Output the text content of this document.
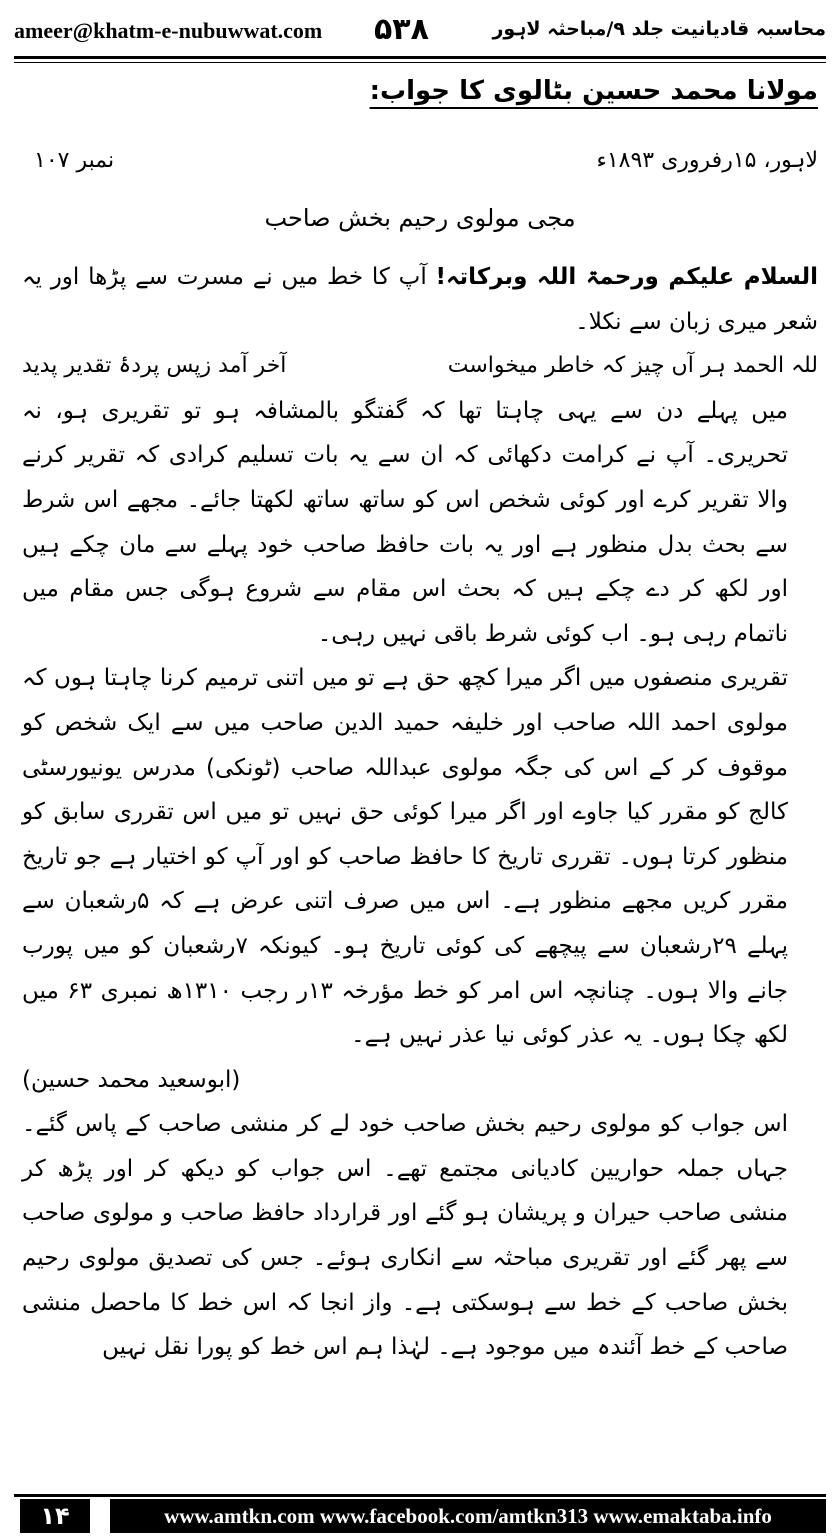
ameer@khatm-e-nubuwwat.com ۵۳۸	محاسبہ قادیانیت جلد ۹/مباحثہ لاہور
مولانا محمد حسین بٹالوی کا جواب:
لاہور، ۱۵رفروری ۱۸۹۳ء
نمبر ۱۰۷
مجی مولوی رحیم بخش صاحب

السلام علیکم ورحمۃ اللہ وبرکاتہ! آپ کا خط میں نے مسرت سے پڑھا اور یہ شعر میری زبان سے نکلا۔

للہ الحمد ہر آں چیز کہ خاطر میخواست
آخر آمد زپس پردۂ تقدیر پدید

میں پہلے دن سے یہی چاہتا تھا کہ گفتگو بالمشافہ ہو تو تقریری ہو، نہ تحریری۔ آپ نے کرامت دکھائی کہ ان سے یہ بات تسلیم کرادی کہ تقریر کرنے والا تقریر کرے اور کوئی شخص اس کو ساتھ ساتھ لکھتا جائے۔ مجھے اس شرط سے بحث بدل منظور ہے اور یہ بات حافظ صاحب خود پہلے سے مان چکے ہیں اور لکھ کر دے چکے ہیں کہ بحث اس مقام سے شروع ہوگی جس مقام میں ناتمام رہی ہو۔ اب کوئی شرط باقی نہیں رہی۔

تقریری منصفوں میں اگر میرا کچھ حق ہے تو میں اتنی ترمیم کرنا چاہتا ہوں کہ مولوی احمد اللہ صاحب اور خلیفہ حمید الدین صاحب میں سے ایک شخص کو موقوف کر کے اس کی جگہ مولوی عبداللہ صاحب (ٹونکی) مدرس یونیورسٹی کالج کو مقرر کیا جاوے اور اگر میرا کوئی حق نہیں تو میں اس تقرری سابق کو منظور کرتا ہوں۔ تقرری تاریخ کا حافظ صاحب کو اور آپ کو اختیار ہے جو تاریخ مقرر کریں مجھے منظور ہے۔ اس میں صرف اتنی عرض ہے کہ ۵رشعبان سے پہلے ۲۹رشعبان سے پیچھے کی کوئی تاریخ ہو۔ کیونکہ ۷رشعبان کو میں پورب جانے والا ہوں۔ چنانچہ اس امر کو خط مؤرخہ ۱۳ر رجب ۱۳۱۰ھ نمبری ۶۳ میں لکھ چکا ہوں۔ یہ عذر کوئی نیا عذر نہیں ہے۔

(ابوسعید محمد حسین)

اس جواب کو مولوی رحیم بخش صاحب خود لے کر منشی صاحب کے پاس گئے۔ جہاں جملہ حواریین کادیانی مجتمع تھے۔ اس جواب کو دیکھ کر اور پڑھ کر منشی صاحب حیران و پریشان ہو گئے اور قرارداد حافظ صاحب و مولوی صاحب سے پھر گئے اور تقریری مباحثہ سے انکاری ہوئے۔ جس کی تصدیق مولوی رحیم بخش صاحب کے خط سے ہوسکتی ہے۔ واز انجا کہ اس خط کا ماحصل منشی صاحب کے خط آئندہ میں موجود ہے۔ لہٰذا ہم اس خط کو پورا نقل نہیں

۱۴	www.amtkn.com www.facebook.com/amtkn313 www.emaktaba.info
